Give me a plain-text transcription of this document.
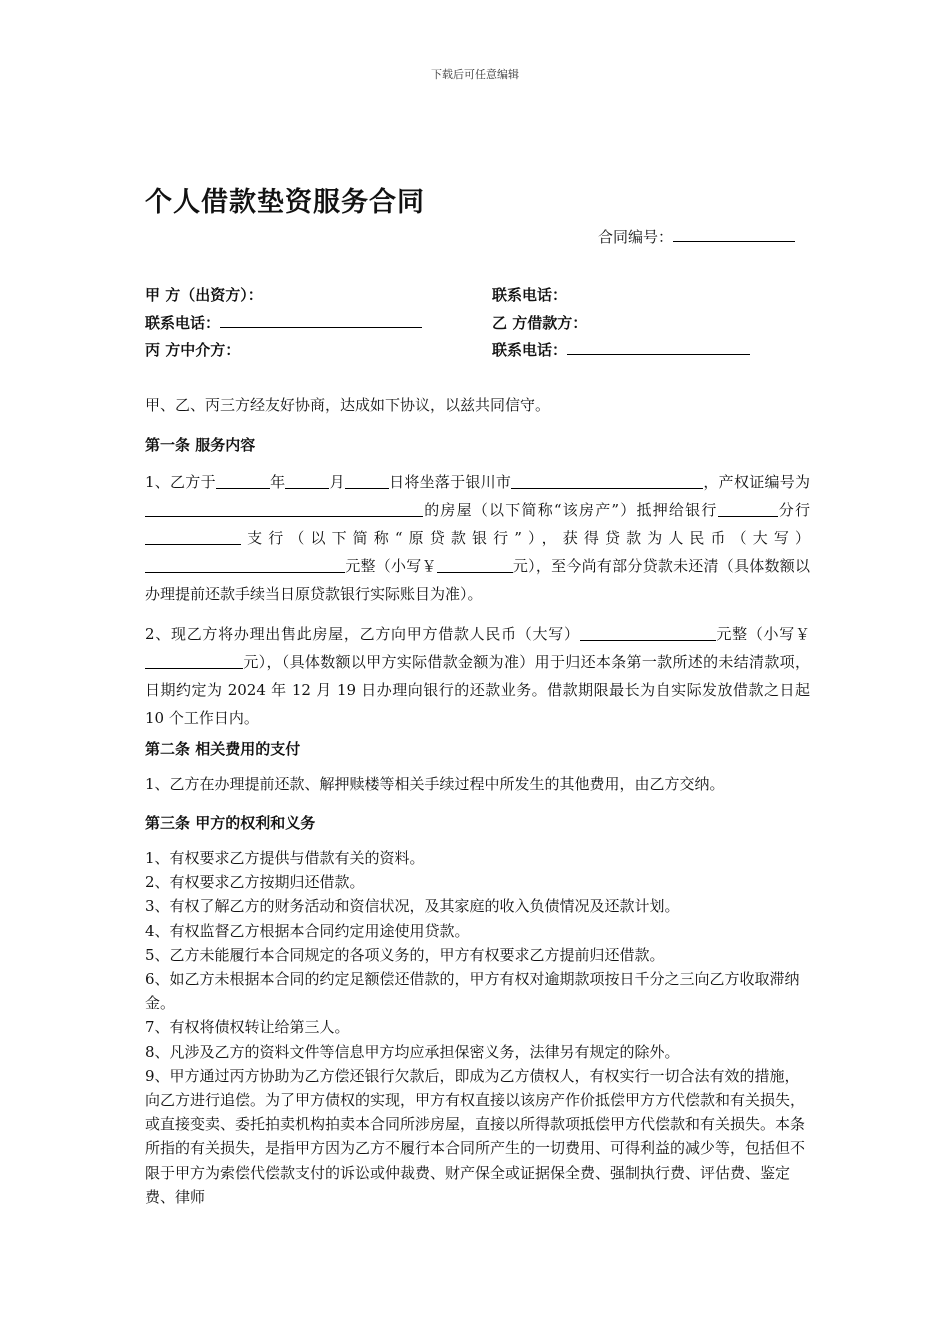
下载后可任意编辑
个人借款垫资服务合同
合同编号：
甲 方（出资方）：	联系电话：
联系电话：	乙 方借款方：
丙 方中介方：	联系电话：
甲、乙、丙三方经友好协商，达成如下协议，以兹共同信守。
第一条 服务内容
1、乙方于	年	月	日将坐落于银川市	，产权证编号为的房屋（以下简称“该房产”）抵押给银行	分行支行（以下简称“原贷款银行”），获得贷款为人民币（大写）元整（小写￥	元），至今尚有部分贷款未还清（具体数额以办理提前还款手续当日原贷款银行实际账目为准）。
2、现乙方将办理出售此房屋，乙方向甲方借款人民币（大写）	元整（小写￥元），（具体数额以甲方实际借款金额为准）用于归还本条第一款所述的未结清款项，日期约定为 2024 年 12 月 19 日办理向银行的还款业务。借款期限最长为自实际发放借款之日起 10 个工作日内。
第二条 相关费用的支付
1、乙方在办理提前还款、解押赎楼等相关手续过程中所发生的其他费用，由乙方交纳。
第三条 甲方的权利和义务
1、有权要求乙方提供与借款有关的资料。
2、有权要求乙方按期归还借款。
3、有权了解乙方的财务活动和资信状况，及其家庭的收入负债情况及还款计划。
4、有权监督乙方根据本合同约定用途使用贷款。
5、乙方未能履行本合同规定的各项义务的，甲方有权要求乙方提前归还借款。
6、如乙方未根据本合同的约定足额偿还借款的，甲方有权对逾期款项按日千分之三向乙方收取滞纳金。
7、有权将债权转让给第三人。
8、凡涉及乙方的资料文件等信息甲方均应承担保密义务，法律另有规定的除外。
9、甲方通过丙方协助为乙方偿还银行欠款后，即成为乙方债权人，有权实行一切合法有效的措施，向乙方进行追偿。为了甲方债权的实现，甲方有权直接以该房产作价抵偿甲方方代偿款和有关损失，或直接变卖、委托拍卖机构拍卖本合同所涉房屋，直接以所得款项抵偿甲方代偿款和有关损失。本条所指的有关损失，是指甲方因为乙方不履行本合同所产生的一切费用、可得利益的减少等，包括但不限于甲方为索偿代偿款支付的诉讼或仲裁费、财产保全或证据保全费、强制执行费、评估费、鉴定费、律师
